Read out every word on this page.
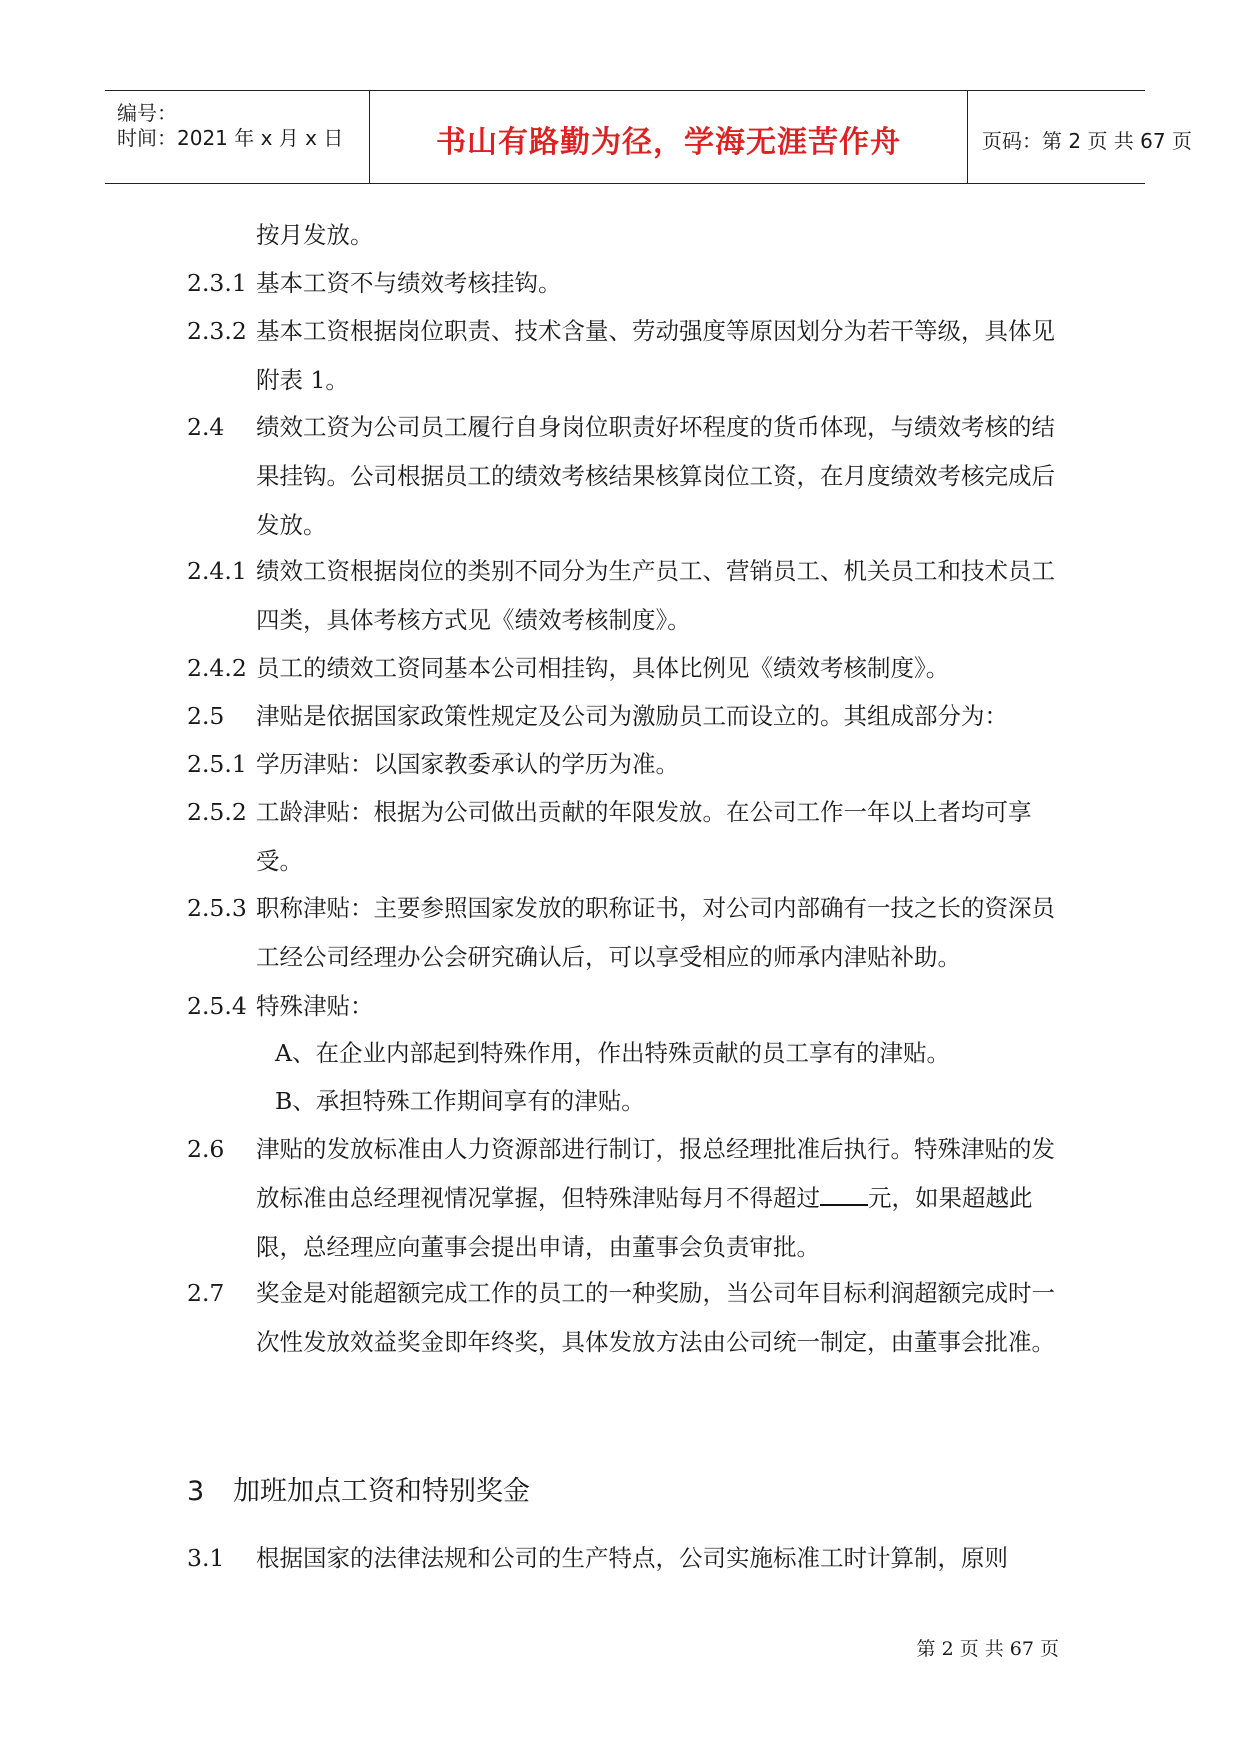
编号：
时间：2021 年 x 月 x 日	书山有路勤为径，学海无涯苦作舟	页码：第 2 页 共 67 页
按月发放。
2.3.1 基本工资不与绩效考核挂钩。
2.3.2 基本工资根据岗位职责、技术含量、劳动强度等原因划分为若干等级，具体见附表 1。
2.4 绩效工资为公司员工履行自身岗位职责好坏程度的货币体现，与绩效考核的结果挂钩。公司根据员工的绩效考核结果核算岗位工资，在月度绩效考核完成后发放。
2.4.1 绩效工资根据岗位的类别不同分为生产员工、营销员工、机关员工和技术员工四类，具体考核方式见《绩效考核制度》。
2.4.2 员工的绩效工资同基本公司相挂钩，具体比例见《绩效考核制度》。
2.5 津贴是依据国家政策性规定及公司为激励员工而设立的。其组成部分为：
2.5.1 学历津贴：以国家教委承认的学历为准。
2.5.2 工龄津贴：根据为公司做出贡献的年限发放。在公司工作一年以上者均可享受。
2.5.3 职称津贴：主要参照国家发放的职称证书，对公司内部确有一技之长的资深员工经公司经理办公会研究确认后，可以享受相应的师承内津贴补助。
2.5.4 特殊津贴：
A、在企业内部起到特殊作用，作出特殊贡献的员工享有的津贴。
B、承担特殊工作期间享有的津贴。
2.6 津贴的发放标准由人力资源部进行制订，报总经理批准后执行。特殊津贴的发放标准由总经理视情况掌握，但特殊津贴每月不得超过 元，如果超越此限，总经理应向董事会提出申请，由董事会负责审批。
2.7 奖金是对能超额完成工作的员工的一种奖励，当公司年目标利润超额完成时一次性发放效益奖金即年终奖，具体发放方法由公司统一制定，由董事会批准。
3 加班加点工资和特别奖金
3.1 根据国家的法律法规和公司的生产特点，公司实施标准工时计算制，原则
第 2 页 共 67 页
